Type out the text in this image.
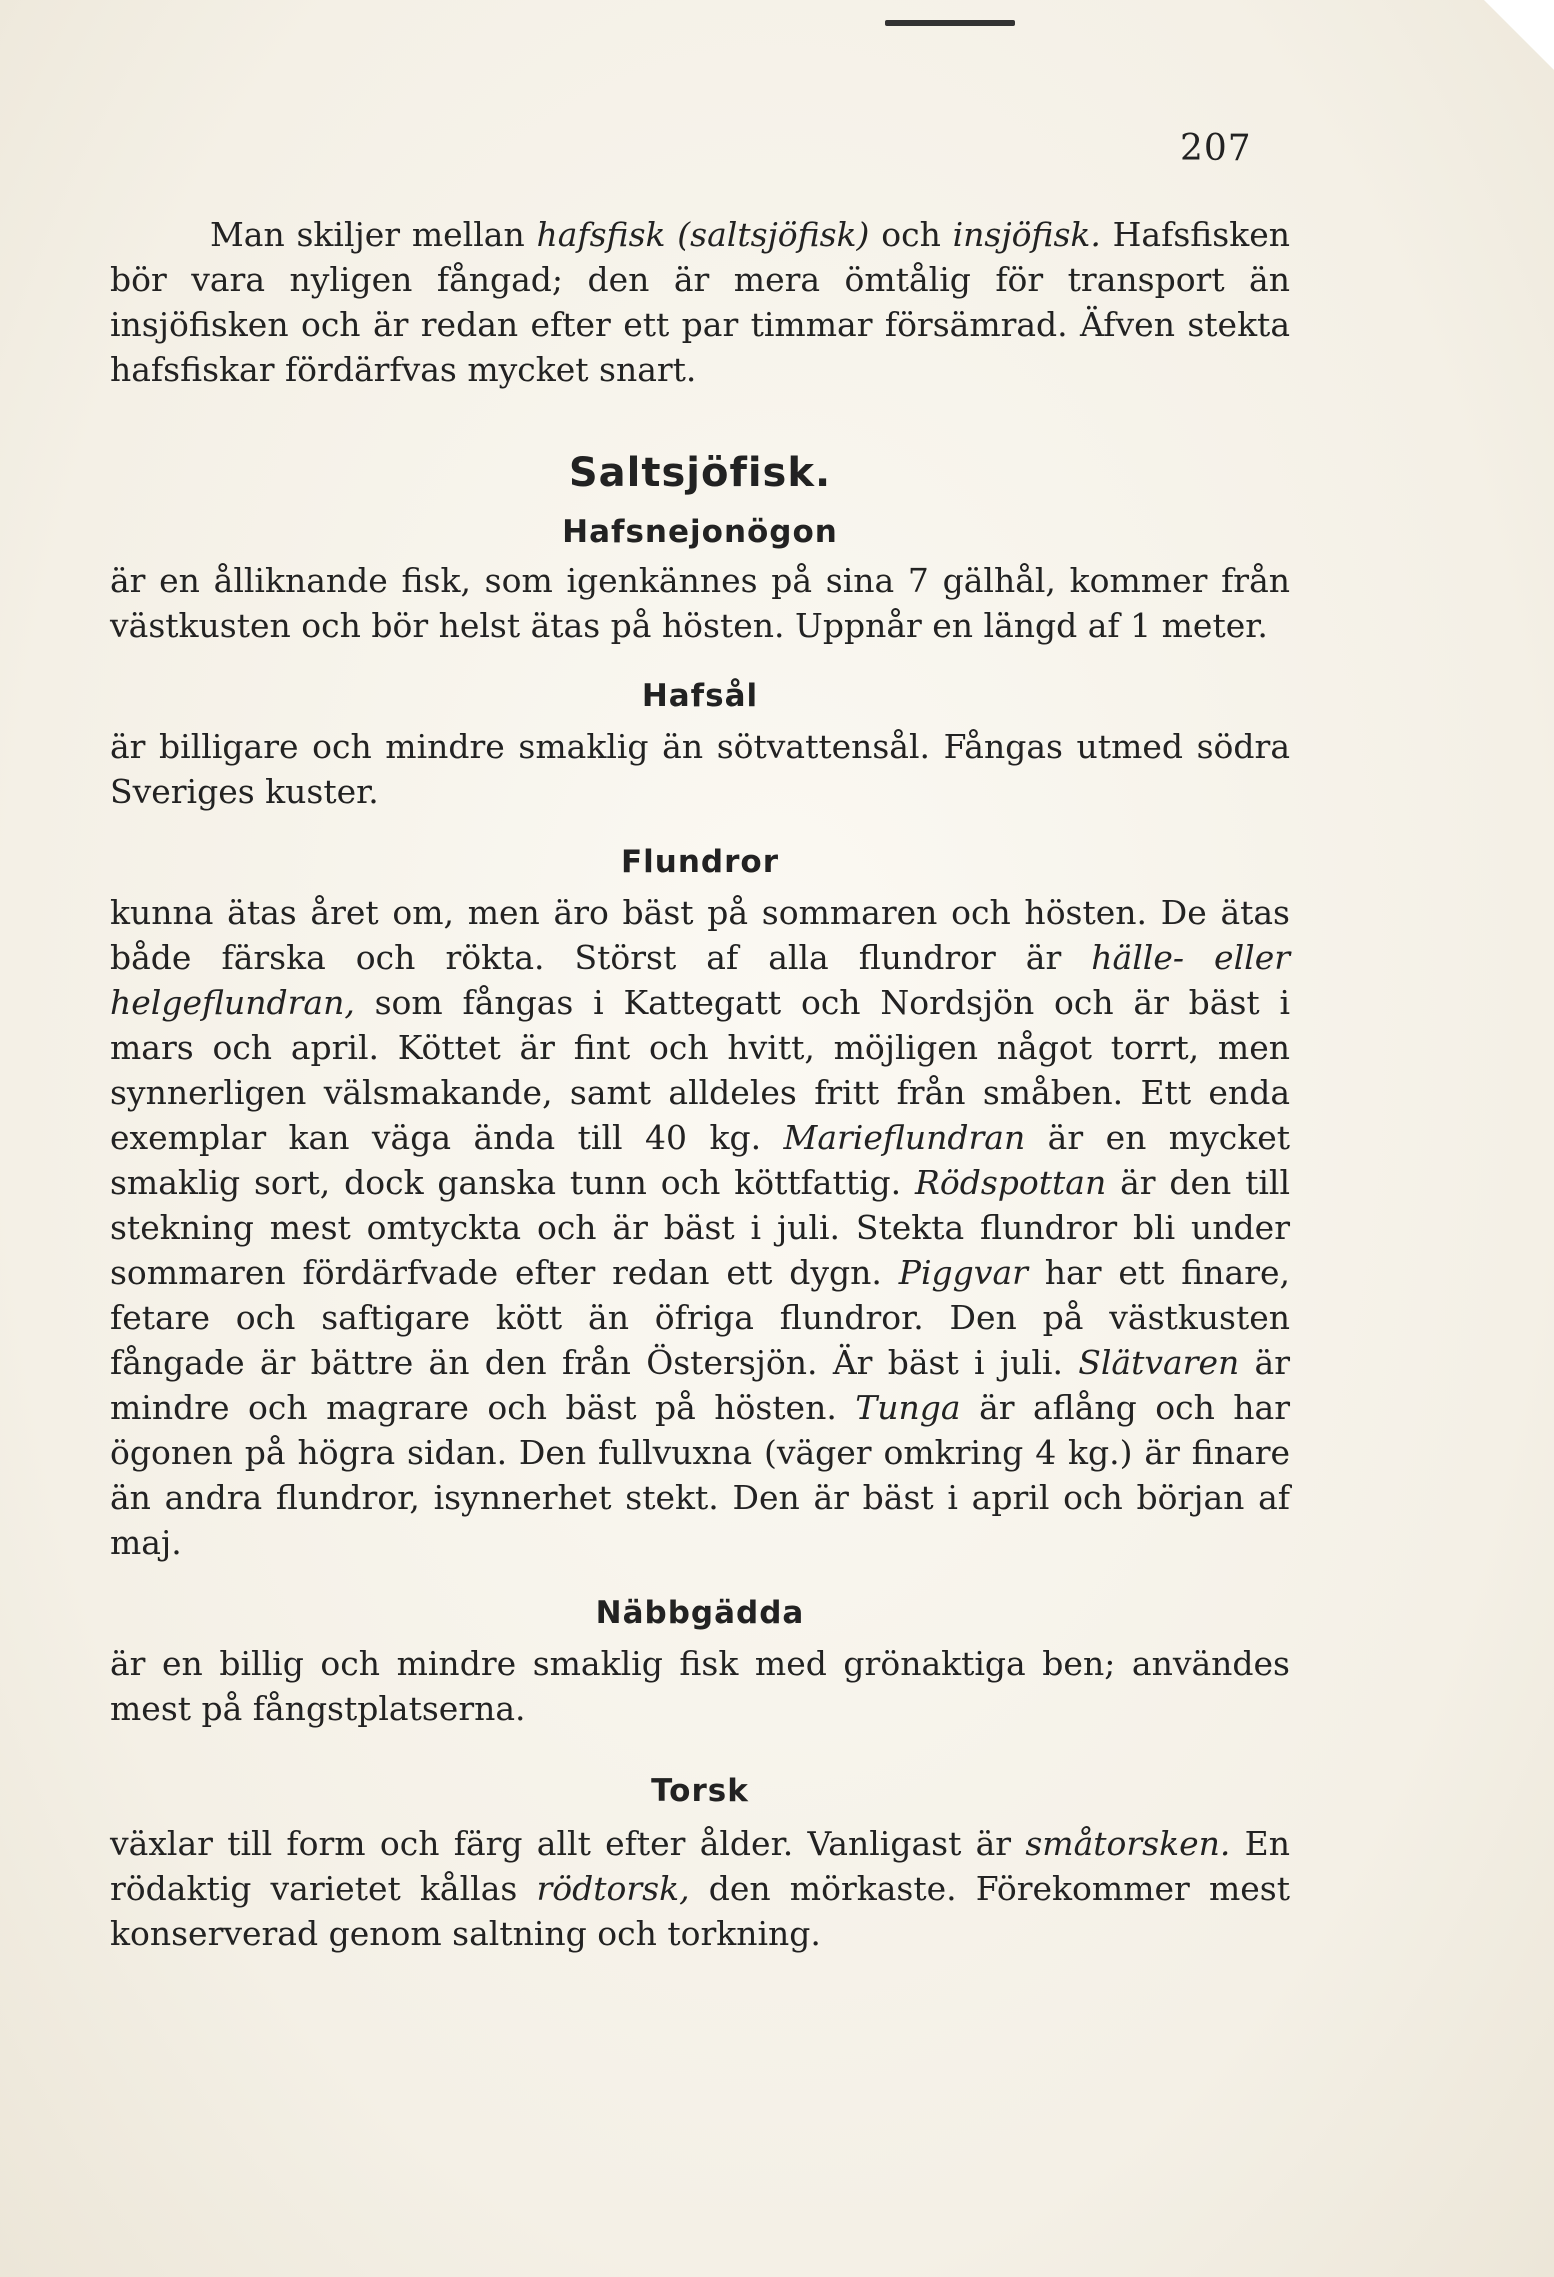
207

Man skiljer mellan hafsfisk (saltsjöfisk) och insjöfisk. Hafsfisken bör vara nyligen fångad; den är mera ömtålig för transport än insjöfisken och är redan efter ett par timmar försämrad. Äfven stekta hafsfiskar fördärfvas mycket snart.

Saltsjöfisk.
Hafsnejonögon

är en ålliknande fisk, som igenkännes på sina 7 gälhål, kommer från västkusten och bör helst ätas på hösten. Uppnår en längd af 1 meter.

Hafsål

är billigare och mindre smaklig än sötvattensål. Fångas utmed södra Sveriges kuster.

Flundror

kunna ätas året om, men äro bäst på sommaren och hösten. De ätas både färska och rökta. Störst af alla flundror är hälle- eller helgeflundran, som fångas i Kattegatt och Nordsjön och är bäst i mars och april. Köttet är fint och hvitt, möjligen något torrt, men synnerligen välsmakande, samt alldeles fritt från småben. Ett enda exemplar kan väga ända till 40 kg. Marieflundran är en mycket smaklig sort, dock ganska tunn och köttfattig. Rödspottan är den till stekning mest omtyckta och är bäst i juli. Stekta flundror bli under sommaren fördärfvade efter redan ett dygn. Piggvar har ett finare, fetare och saftigare kött än öfriga flundror. Den på västkusten fångade är bättre än den från Östersjön. Är bäst i juli. Slätvaren är mindre och magrare och bäst på hösten. Tunga är aflång och har ögonen på högra sidan. Den fullvuxna (väger omkring 4 kg.) är finare än andra flundror, isynnerhet stekt. Den är bäst i april och början af maj.

Näbbgädda

är en billig och mindre smaklig fisk med grönaktiga ben; användes mest på fångstplatserna.

Torsk

växlar till form och färg allt efter ålder. Vanligast är småtorsken. En rödaktig varietet kållas rödtorsk, den mörkaste. Förekommer mest konserverad genom saltning och torkning.
